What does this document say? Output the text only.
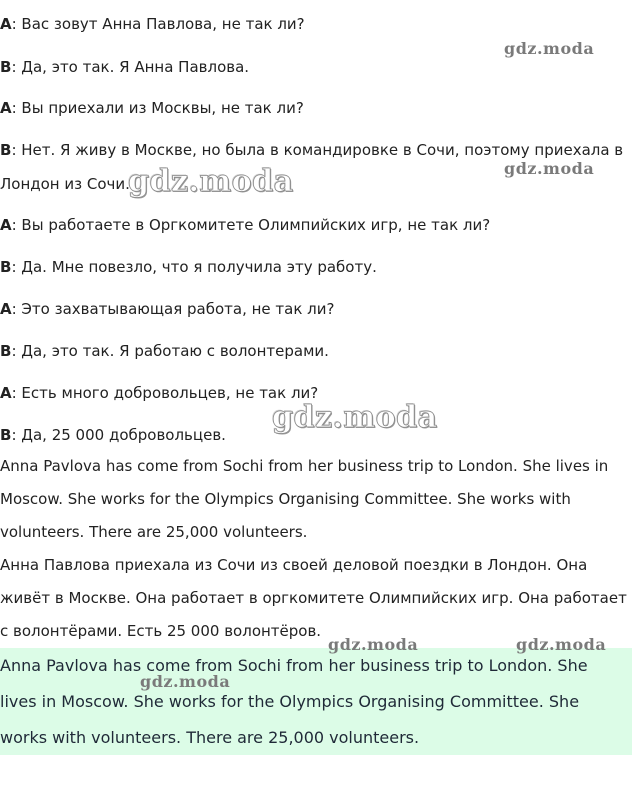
А: Вас зовут Анна Павлова, не так ли?
В: Да, это так. Я Анна Павлова.
А: Вы приехали из Москвы, не так ли?
В: Нет. Я живу в Москве, но была в командировке в Сочи, поэтому приехала в
Лондон из Сочи.
А: Вы работаете в Оргкомитете Олимпийских игр, не так ли?
В: Да. Мне повезло, что я получила эту работу.
А: Это захватывающая работа, не так ли?
В: Да, это так. Я работаю с волонтерами.
А: Есть много добровольцев, не так ли?
В: Да, 25 000 добровольцев.
Anna Pavlova has come from Sochi from her business trip to London. She lives in Moscow. She works for the Olympics Organising Committee. She works with volunteers. There are 25,000 volunteers.
Анна Павлова приехала из Сочи из своей деловой поездки в Лондон. Она живёт в Москве. Она работает в оргкомитете Олимпийских игр. Она работает с волонтёрами. Есть 25 000 волонтёров.
Anna Pavlova has come from Sochi from her business trip to London. She lives in Moscow. She works for the Olympics Organising Committee. She works with volunteers. There are 25,000 volunteers.
gdz.moda
gdz.moda	gdz.moda
gdz.moda
gdz.moda	gdz.moda
gdz.moda
